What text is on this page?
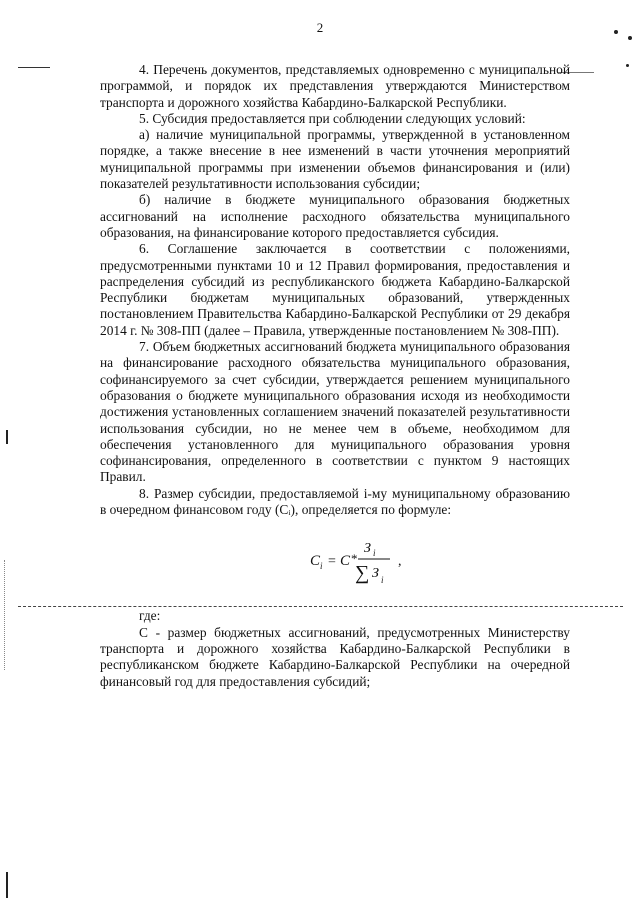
2

4. Перечень документов, представляемых одновременно с муниципальной программой, и порядок их представления утверждаются Министерством транспорта и дорожного хозяйства Кабардино-Балкарской Республики.

5. Субсидия предоставляется при соблюдении следующих условий:

а) наличие муниципальной программы, утвержденной в установленном порядке, а также внесение в нее изменений в части уточнения мероприятий муниципальной программы при изменении объемов финансирования и (или) показателей результативности использования субсидии;

б) наличие в бюджете муниципального образования бюджетных ассигнований на исполнение расходного обязательства муниципального образования, на финансирование которого предоставляется субсидия.

6. Соглашение заключается в соответствии с положениями, предусмотренными пунктами 10 и 12 Правил формирования, предоставления и распределения субсидий из республиканского бюджета Кабардино-Балкарской Республики бюджетам муниципальных образований, утвержденных постановлением Правительства Кабардино-Балкарской Республики от 29 декабря 2014 г. № 308-ПП (далее – Правила, утвержденные постановлением № 308-ПП).

7. Объем бюджетных ассигнований бюджета муниципального образования на финансирование расходного обязательства муниципального образования, софинансируемого за счет субсидии, утверждается решением муниципального образования о бюджете муниципального образования исходя из необходимости достижения установленных соглашением значений показателей результативности использования субсидии, но не менее чем в объеме, необходимом для обеспечения установленного для муниципального образования уровня софинансирования, определенного в соответствии с пунктом 9 настоящих Правил.

8. Размер субсидии, предоставляемой i-му муниципальному образованию в очередном финансовом году (Сᵢ), определяется по формуле:

C i = C *
З i
∑ З i
,

где:

С - размер бюджетных ассигнований, предусмотренных Министерству транспорта и дорожного хозяйства Кабардино-Балкарской Республики в республиканском бюджете Кабардино-Балкарской Республики на очередной финансовый год для предоставления субсидий;
